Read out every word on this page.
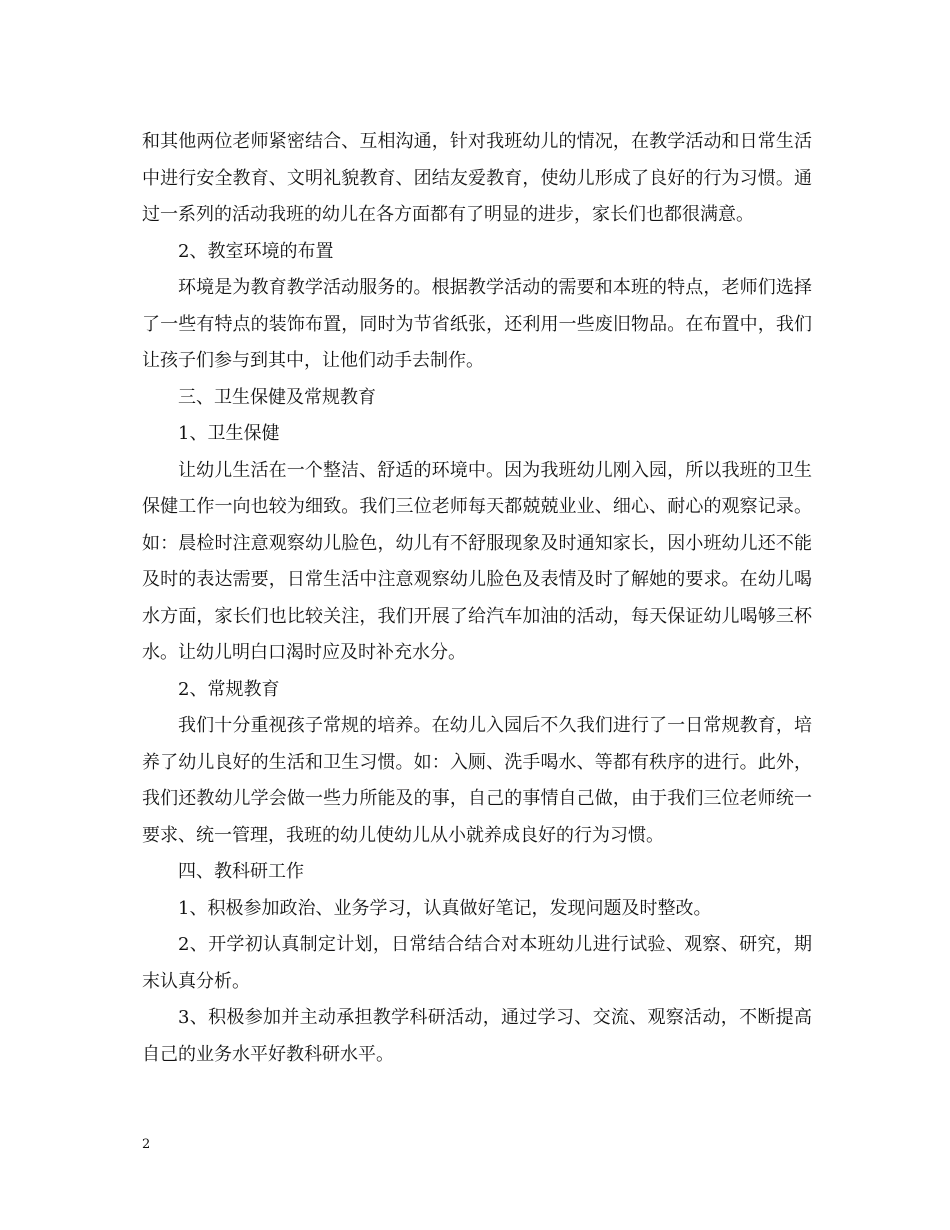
和其他两位老师紧密结合、互相沟通，针对我班幼儿的情况，在教学活动和日常生活中进行安全教育、文明礼貌教育、团结友爱教育，使幼儿形成了良好的行为习惯。通过一系列的活动我班的幼儿在各方面都有了明显的进步，家长们也都很满意。

2、教室环境的布置

环境是为教育教学活动服务的。根据教学活动的需要和本班的特点，老师们选择了一些有特点的装饰布置，同时为节省纸张，还利用一些废旧物品。在布置中，我们让孩子们参与到其中，让他们动手去制作。

三、卫生保健及常规教育

1、卫生保健

让幼儿生活在一个整洁、舒适的环境中。因为我班幼儿刚入园，所以我班的卫生保健工作一向也较为细致。我们三位老师每天都兢兢业业、细心、耐心的观察记录。如：晨检时注意观察幼儿脸色，幼儿有不舒服现象及时通知家长，因小班幼儿还不能及时的表达需要，日常生活中注意观察幼儿脸色及表情及时了解她的要求。在幼儿喝水方面，家长们也比较关注，我们开展了给汽车加油的活动，每天保证幼儿喝够三杯水。让幼儿明白口渴时应及时补充水分。

2、常规教育

我们十分重视孩子常规的培养。在幼儿入园后不久我们进行了一日常规教育，培养了幼儿良好的生活和卫生习惯。如：入厕、洗手喝水、等都有秩序的进行。此外，我们还教幼儿学会做一些力所能及的事，自己的事情自己做，由于我们三位老师统一要求、统一管理，我班的幼儿使幼儿从小就养成良好的行为习惯。

四、教科研工作

1、积极参加政治、业务学习，认真做好笔记，发现问题及时整改。

2、开学初认真制定计划，日常结合结合对本班幼儿进行试验、观察、研究，期末认真分析。

3、积极参加并主动承担教学科研活动，通过学习、交流、观察活动，不断提高自己的业务水平好教科研水平。

2
